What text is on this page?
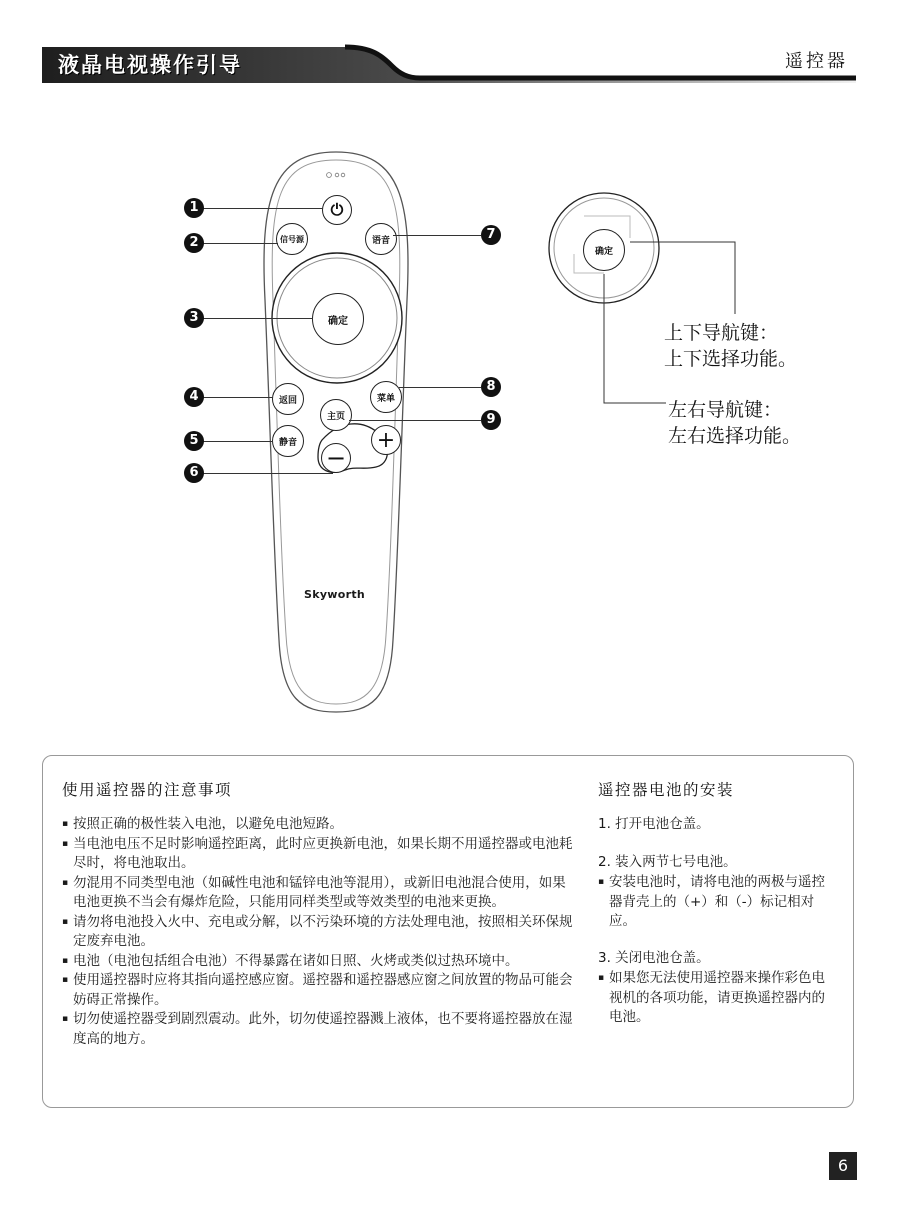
液晶电视操作引导	遥控器
⏻
信号源	语音
确定
返回	菜单
主页
静音	+
−
Skyworth
1
2
3
4
5
6
7
8
9
确定
上下导航键：
上下选择功能。
左右导航键：
左右选择功能。
使用遥控器的注意事项
▪ 按照正确的极性装入电池，以避免电池短路。
▪ 当电池电压不足时影响遥控距离，此时应更换新电池，如果长期不用遥控器或电池耗尽时，将电池取出。
▪ 勿混用不同类型电池（如碱性电池和锰锌电池等混用），或新旧电池混合使用，如果电池更换不当会有爆炸危险，只能用同样类型或等效类型的电池来更换。
▪ 请勿将电池投入火中、充电或分解，以不污染环境的方法处理电池，按照相关环保规定废弃电池。
▪ 电池（电池包括组合电池）不得暴露在诸如日照、火烤或类似过热环境中。
▪ 使用遥控器时应将其指向遥控感应窗。遥控器和遥控器感应窗之间放置的物品可能会妨碍正常操作。
▪ 切勿使遥控器受到剧烈震动。此外，切勿使遥控器溅上液体，也不要将遥控器放在湿度高的地方。
遥控器电池的安装
1. 打开电池仓盖。
2. 装入两节七号电池。
▪ 安装电池时，请将电池的两极与遥控器背壳上的（+）和（-）标记相对应。
3. 关闭电池仓盖。
▪ 如果您无法使用遥控器来操作彩色电视机的各项功能，请更换遥控器内的电池。
6
